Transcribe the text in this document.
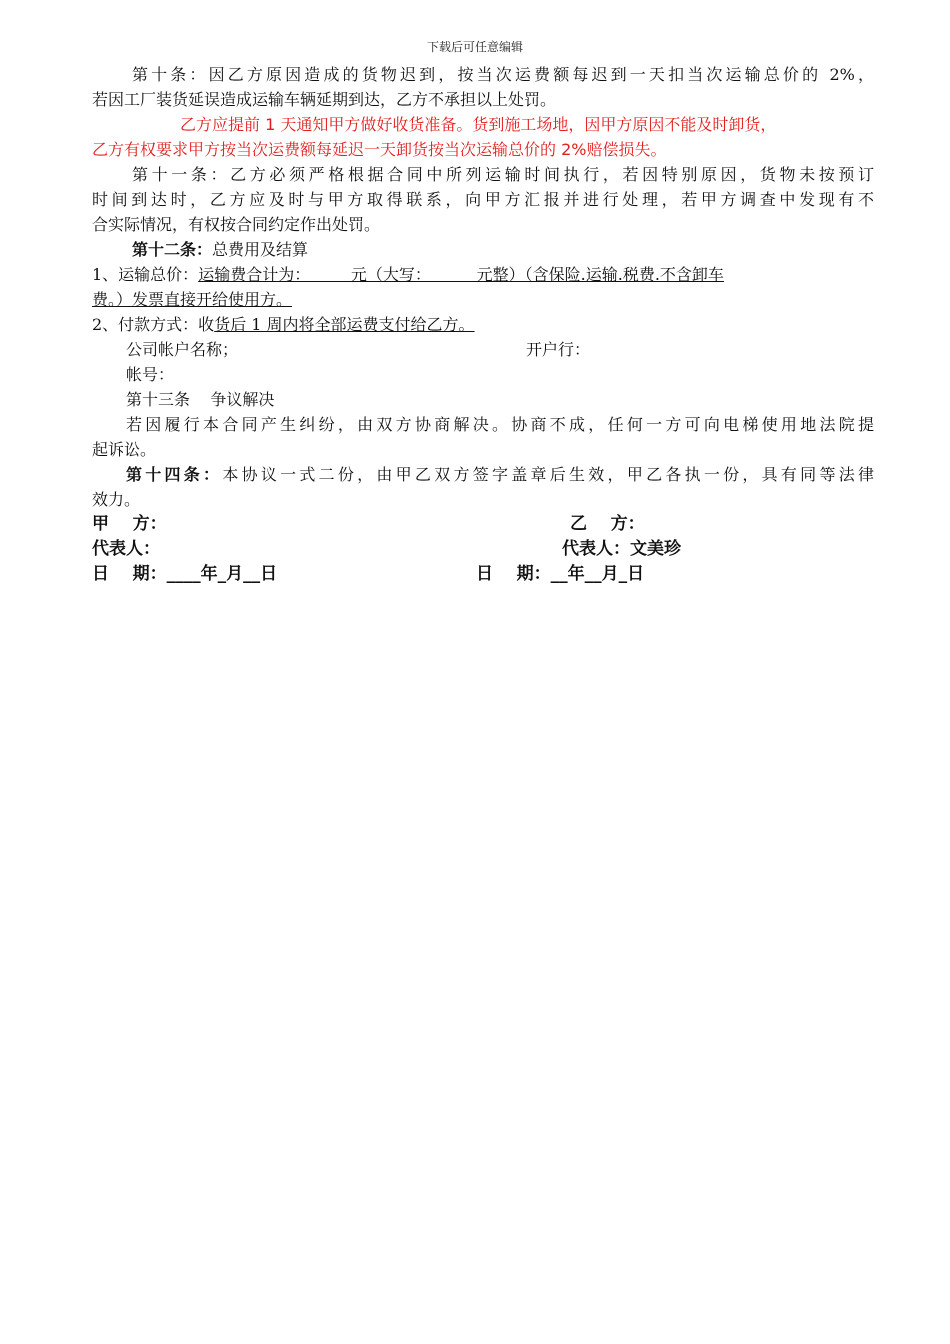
下载后可任意编辑
第十条：因乙方原因造成的货物迟到，按当次运费额每迟到一天扣当次运输总价的 2%，
若因工厂装货延误造成运输车辆延期到达，乙方不承担以上处罚。
乙方应提前 1 天通知甲方做好收货准备。货到施工场地，因甲方原因不能及时卸货，
乙方有权要求甲方按当次运费额每延迟一天卸货按当次运输总价的 2%赔偿损失。
第十一条：乙方必须严格根据合同中所列运输时间执行，若因特别原因，货物未按预订
时间到达时，乙方应及时与甲方取得联系，向甲方汇报并进行处理，若甲方调查中发现有不
合实际情况，有权按合同约定作出处罚。
第十二条：总费用及结算
1、运输总价：运输费合计为：        元（大写：         元整）（含保险.运输.税费.不含卸车
费。）发票直接开给使用方。
2、付款方式：收货后 1 周内将全部运费支付给乙方。
公司帐户名称；	开户行：
帐号：
第十三条    争议解决
若因履行本合同产生纠纷，由双方协商解决。协商不成，任何一方可向电梯使用地法院提
起诉讼。
第十四条：本协议一式二份，由甲乙双方签字盖章后生效，甲乙各执一份，具有同等法律
效力。
甲    方：	乙    方：
代表人：	代表人：文美珍
日    期：____年_月__日	日    期：__年__月_日
